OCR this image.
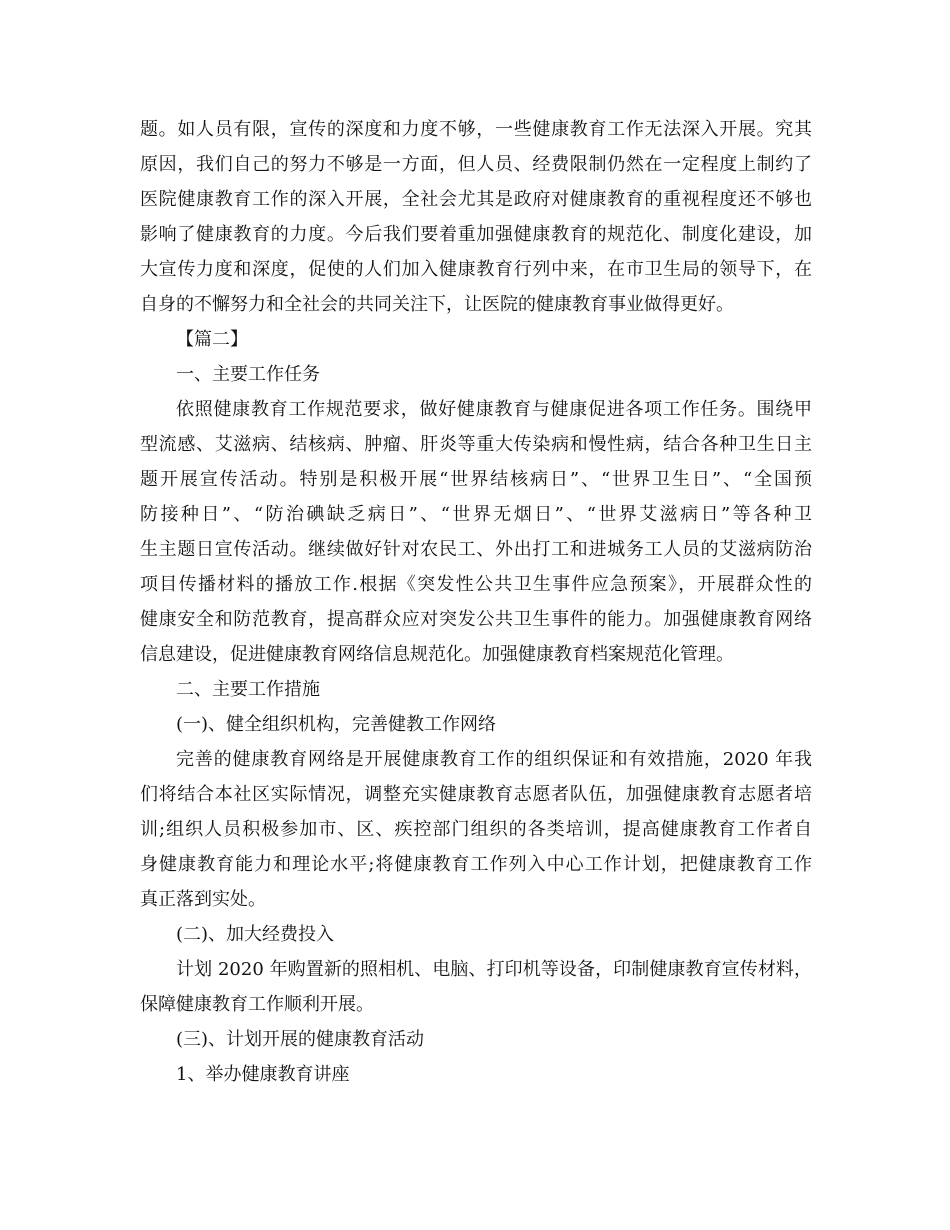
题。如人员有限，宣传的深度和力度不够，一些健康教育工作无法深入开展。究其
原因，我们自己的努力不够是一方面，但人员、经费限制仍然在一定程度上制约了
医院健康教育工作的深入开展，全社会尤其是政府对健康教育的重视程度还不够也
影响了健康教育的力度。今后我们要着重加强健康教育的规范化、制度化建设，加
大宣传力度和深度，促使的人们加入健康教育行列中来，在市卫生局的领导下，在
自身的不懈努力和全社会的共同关注下，让医院的健康教育事业做得更好。
【篇二】
一、主要工作任务
依照健康教育工作规范要求，做好健康教育与健康促进各项工作任务。围绕甲
型流感、艾滋病、结核病、肿瘤、肝炎等重大传染病和慢性病，结合各种卫生日主
题开展宣传活动。特别是积极开展“世界结核病日”、“世界卫生日”、“全国预
防接种日”、“防治碘缺乏病日”、“世界无烟日”、“世界艾滋病日”等各种卫
生主题日宣传活动。继续做好针对农民工、外出打工和进城务工人员的艾滋病防治
项目传播材料的播放工作.根据《突发性公共卫生事件应急预案》，开展群众性的
健康安全和防范教育，提高群众应对突发公共卫生事件的能力。加强健康教育网络
信息建设，促进健康教育网络信息规范化。加强健康教育档案规范化管理。
二、主要工作措施
(一)、健全组织机构，完善健教工作网络
完善的健康教育网络是开展健康教育工作的组织保证和有效措施，2020 年我
们将结合本社区实际情况，调整充实健康教育志愿者队伍，加强健康教育志愿者培
训;组织人员积极参加市、区、疾控部门组织的各类培训，提高健康教育工作者自
身健康教育能力和理论水平;将健康教育工作列入中心工作计划，把健康教育工作
真正落到实处。
(二)、加大经费投入
计划 2020 年购置新的照相机、电脑、打印机等设备，印制健康教育宣传材料，
保障健康教育工作顺利开展。
(三)、计划开展的健康教育活动
1、举办健康教育讲座
